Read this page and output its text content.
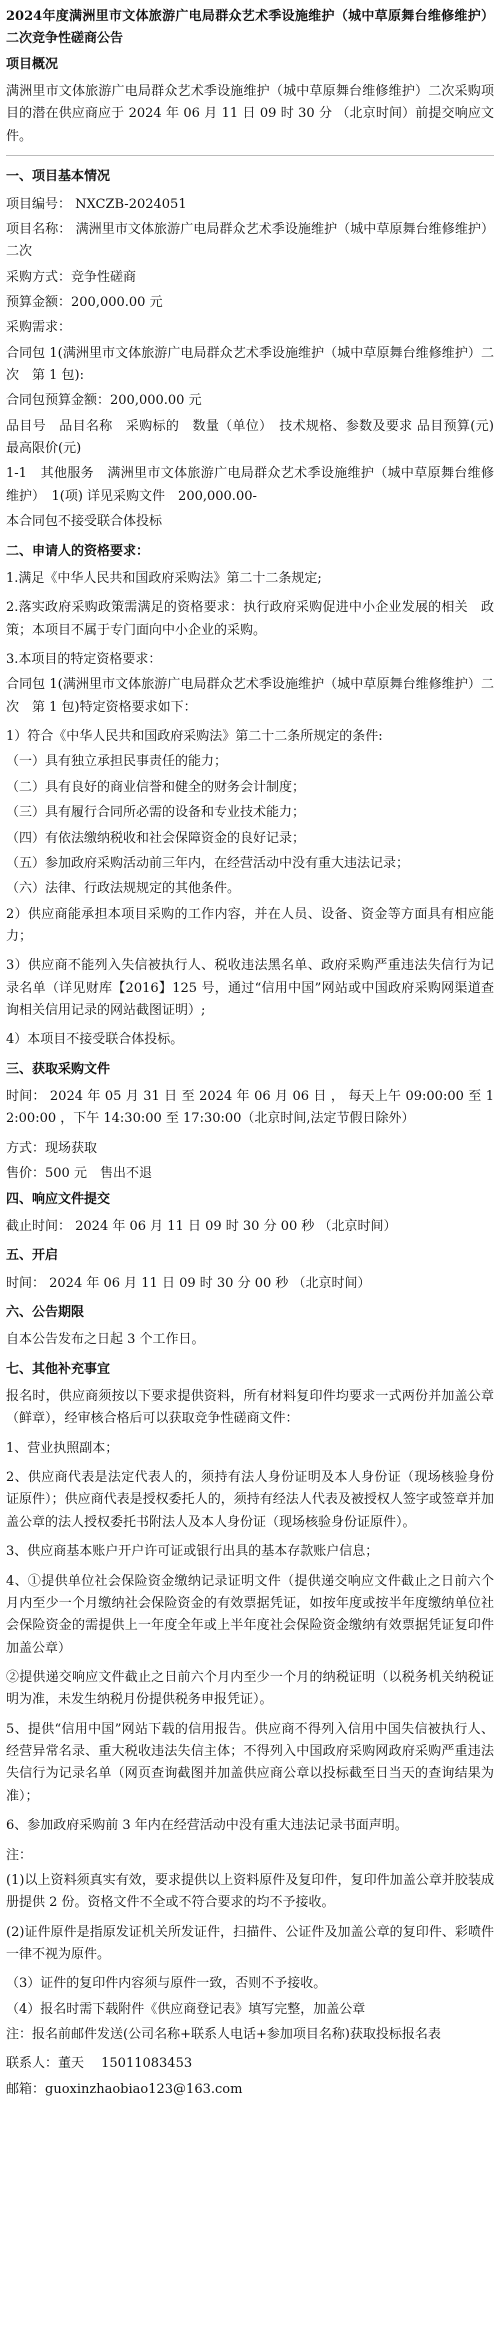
2024年度满洲里市文体旅游广电局群众艺术季设施维护（城中草原舞台维修维护）二次竞争性磋商公告

项目概况

满洲里市文体旅游广电局群众艺术季设施维护（城中草原舞台维修维护）二次采购项目的潜在供应商应于 2024 年 06 月 11 日 09 时 30 分 （北京时间）前提交响应文件。

一、项目基本情况

项目编号： NXCZB-2024051

项目名称： 满洲里市文体旅游广电局群众艺术季设施维护（城中草原舞台维修维护）二次

采购方式：竞争性磋商

预算金额：200,000.00 元

采购需求：

合同包 1(满洲里市文体旅游广电局群众艺术季设施维护（城中草原舞台维修维护）二次　第 1 包):

合同包预算金额：200,000.00 元

品目号　品目名称　采购标的　数量（单位）　技术规格、参数及要求 品目预算(元) 最高限价(元)

1-1　其他服务　满洲里市文体旅游广电局群众艺术季设施维护（城中草原舞台维修维护）　1(项) 详见采购文件　200,000.00-

本合同包不接受联合体投标

二、申请人的资格要求：

1.满足《中华人民共和国政府采购法》第二十二条规定;

2.落实政府采购政策需满足的资格要求：执行政府采购促进中小企业发展的相关　政策；本项目不属于专门面向中小企业的采购。

3.本项目的特定资格要求：

合同包 1(满洲里市文体旅游广电局群众艺术季设施维护（城中草原舞台维修维护）二次　第 1 包)特定资格要求如下：

1）符合《中华人民共和国政府采购法》第二十二条所规定的条件:

（一）具有独立承担民事责任的能力；

（二）具有良好的商业信誉和健全的财务会计制度；

（三）具有履行合同所必需的设备和专业技术能力；

（四）有依法缴纳税收和社会保障资金的良好记录；

（五）参加政府采购活动前三年内，在经营活动中没有重大违法记录；

（六）法律、行政法规规定的其他条件。

2）供应商能承担本项目采购的工作内容，并在人员、设备、资金等方面具有相应能力；

3）供应商不能列入失信被执行人、税收违法黑名单、政府采购严重违法失信行为记录名单（详见财库【2016】125 号，通过“信用中国”网站或中国政府采购网渠道查询相关信用记录的网站截图证明）;

4）本项目不接受联合体投标。

三、获取采购文件

时间： 2024 年 05 月 31 日 至 2024 年 06 月 06 日 ， 每天上午 09:00:00 至 12:00:00 ，下午 14:30:00 至 17:30:00（北京时间,法定节假日除外）

方式：现场获取

售价：500 元　售出不退

四、响应文件提交

截止时间： 2024 年 06 月 11 日 09 时 30 分 00 秒 （北京时间）

五、开启

时间： 2024 年 06 月 11 日 09 时 30 分 00 秒 （北京时间）

六、公告期限

自本公告发布之日起 3 个工作日。

七、其他补充事宜

报名时，供应商须按以下要求提供资料，所有材料复印件均要求一式两份并加盖公章（鲜章），经审核合格后可以获取竞争性磋商文件：

1、营业执照副本；

2、供应商代表是法定代表人的，须持有法人身份证明及本人身份证（现场核验身份证原件）；供应商代表是授权委托人的，须持有经法人代表及被授权人签字或签章并加盖公章的法人授权委托书附法人及本人身份证（现场核验身份证原件）。

3、供应商基本账户开户许可证或银行出具的基本存款账户信息；

4、①提供单位社会保险资金缴纳记录证明文件（提供递交响应文件截止之日前六个月内至少一个月缴纳社会保险资金的有效票据凭证，如按年度或按半年度缴纳单位社会保险资金的需提供上一年度全年或上半年度社会保险资金缴纳有效票据凭证复印件加盖公章）

②提供递交响应文件截止之日前六个月内至少一个月的纳税证明（以税务机关纳税证明为准，未发生纳税月份提供税务申报凭证）。

5、提供“信用中国”网站下载的信用报告。供应商不得列入信用中国失信被执行人、经营异常名录、重大税收违法失信主体；不得列入中国政府采购网政府采购严重违法失信行为记录名单（网页查询截图并加盖供应商公章以投标截至日当天的查询结果为准）；

6、参加政府采购前 3 年内在经营活动中没有重大违法记录书面声明。

注：

(1)以上资料须真实有效，要求提供以上资料原件及复印件，复印件加盖公章并胶装成册提供 2 份。资格文件不全或不符合要求的均不予接收。

(2)证件原件是指原发证机关所发证件，扫描件、公证件及加盖公章的复印件、彩喷件一律不视为原件。

（3）证件的复印件内容须与原件一致，否则不予接收。

（4）报名时需下载附件《供应商登记表》填写完整，加盖公章

注：报名前邮件发送(公司名称+联系人电话+参加项目名称)获取投标报名表

联系人：董天　 15011083453

邮箱：guoxinzhaobiao123@163.com
